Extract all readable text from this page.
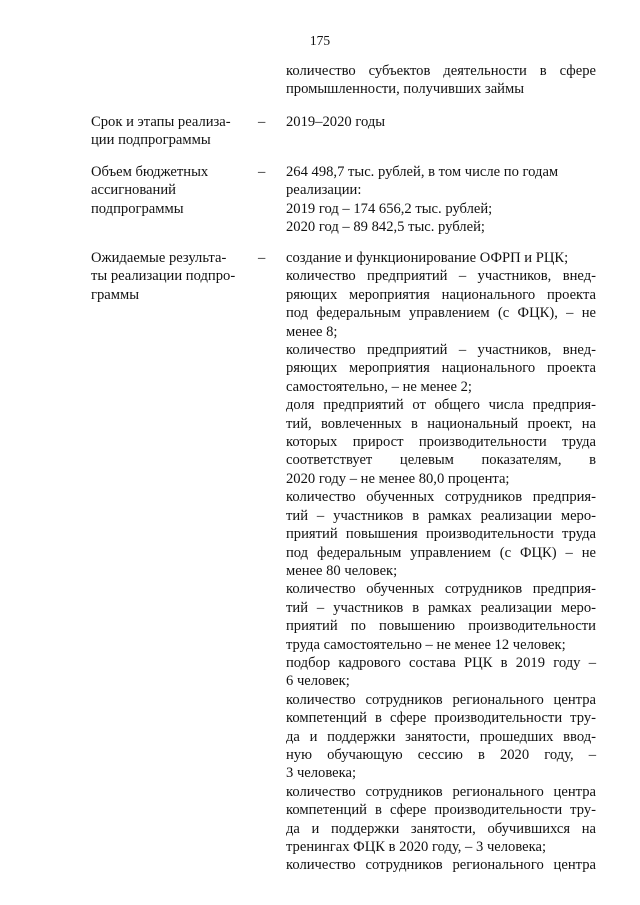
175
количество субъектов деятельности в сфере
промышленности, получивших займы
Срок и этапы реализа-
ции подпрограммы
– 2019–2020 годы
Объем бюджетных
ассигнований
подпрограммы
– 264 498,7 тыс. рублей, в том числе по годам
реализации:
2019 год – 174 656,2 тыс. рублей;
2020 год – 89 842,5 тыс. рублей;
Ожидаемые результа-
ты реализации подпро-
граммы
– создание и функционирование ОФРП и РЦК;
количество предприятий – участников, внед-
ряющих мероприятия национального проекта
под федеральным управлением (с ФЦК), – не
менее 8;
количество предприятий – участников, внед-
ряющих мероприятия национального проекта
самостоятельно, – не менее 2;
доля предприятий от общего числа предприя-
тий, вовлеченных в национальный проект, на
которых прирост производительности труда
соответствует целевым показателям, в
2020 году – не менее 80,0 процента;
количество обученных сотрудников предприя-
тий – участников в рамках реализации меро-
приятий повышения производительности труда
под федеральным управлением (с ФЦК) – не
менее 80 человек;
количество обученных сотрудников предприя-
тий – участников в рамках реализации меро-
приятий по повышению производительности
труда самостоятельно – не менее 12 человек;
подбор кадрового состава РЦК в 2019 году –
6 человек;
количество сотрудников регионального центра
компетенций в сфере производительности тру-
да и поддержки занятости, прошедших ввод-
ную обучающую сессию в 2020 году, –
3 человека;
количество сотрудников регионального центра
компетенций в сфере производительности тру-
да и поддержки занятости, обучившихся на
тренингах ФЦК в 2020 году, – 3 человека;
количество сотрудников регионального центра
